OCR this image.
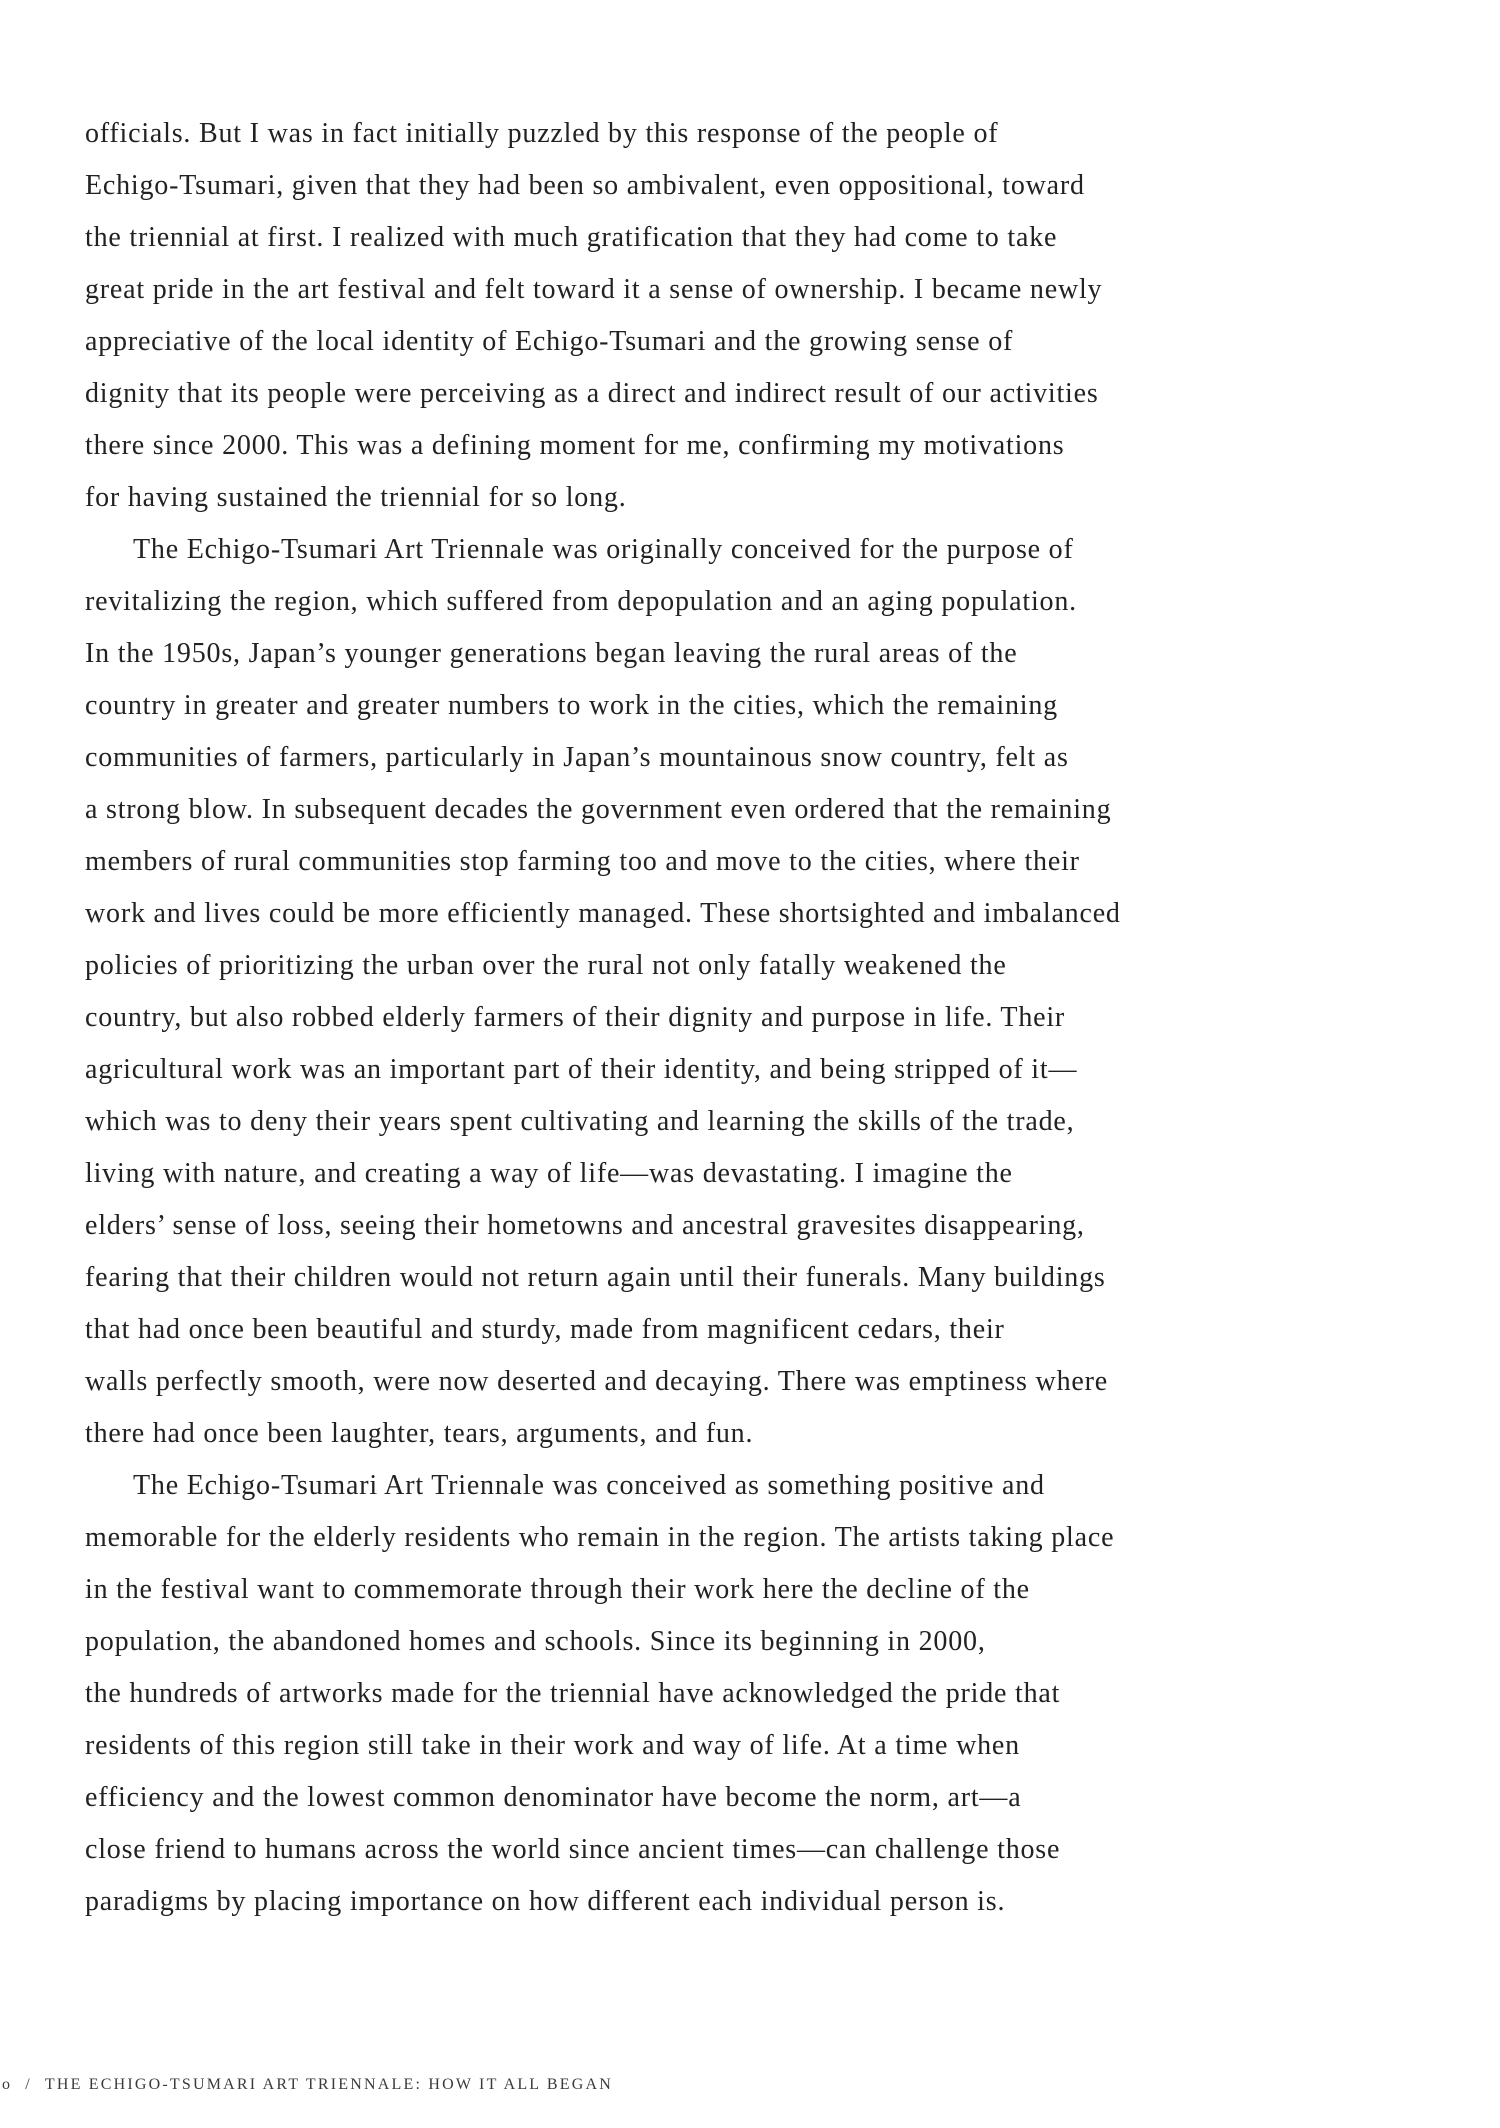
officials. But I was in fact initially puzzled by this response of the people of
Echigo-Tsumari, given that they had been so ambivalent, even oppositional, toward
the triennial at first. I realized with much gratification that they had come to take
great pride in the art festival and felt toward it a sense of ownership. I became newly
appreciative of the local identity of Echigo-Tsumari and the growing sense of
dignity that its people were perceiving as a direct and indirect result of our activities
there since 2000. This was a defining moment for me, confirming my motivations
for having sustained the triennial for so long.
The Echigo-Tsumari Art Triennale was originally conceived for the purpose of
revitalizing the region, which suffered from depopulation and an aging population.
In the 1950s, Japan’s younger generations began leaving the rural areas of the
country in greater and greater numbers to work in the cities, which the remaining
communities of farmers, particularly in Japan’s mountainous snow country, felt as
a strong blow. In subsequent decades the government even ordered that the remaining
members of rural communities stop farming too and move to the cities, where their
work and lives could be more efficiently managed. These shortsighted and imbalanced
policies of prioritizing the urban over the rural not only fatally weakened the
country, but also robbed elderly farmers of their dignity and purpose in life. Their
agricultural work was an important part of their identity, and being stripped of it—
which was to deny their years spent cultivating and learning the skills of the trade,
living with nature, and creating a way of life—was devastating. I imagine the
elders’ sense of loss, seeing their hometowns and ancestral gravesites disappearing,
fearing that their children would not return again until their funerals. Many buildings
that had once been beautiful and sturdy, made from magnificent cedars, their
walls perfectly smooth, were now deserted and decaying. There was emptiness where
there had once been laughter, tears, arguments, and fun.
The Echigo-Tsumari Art Triennale was conceived as something positive and
memorable for the elderly residents who remain in the region. The artists taking place
in the festival want to commemorate through their work here the decline of the
population, the abandoned homes and schools. Since its beginning in 2000,
the hundreds of artworks made for the triennial have acknowledged the pride that
residents of this region still take in their work and way of life. At a time when
efficiency and the lowest common denominator have become the norm, art—a
close friend to humans across the world since ancient times—can challenge those
paradigms by placing importance on how different each individual person is.
o / THE ECHIGO-TSUMARI ART TRIENNALE: HOW IT ALL BEGAN
